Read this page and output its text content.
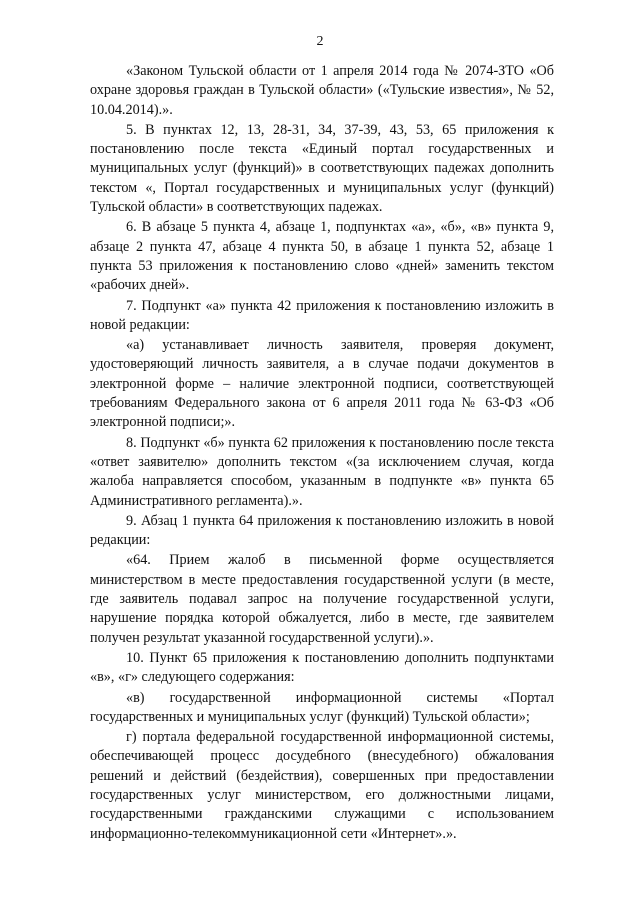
2

«Законом Тульской области от 1 апреля 2014 года № 2074-ЗТО «Об охране здоровья граждан в Тульской области» («Тульские известия», № 52, 10.04.2014).».

5. В пунктах 12, 13, 28-31, 34, 37-39, 43, 53, 65 приложения к постановлению после текста «Единый портал государственных и муниципальных услуг (функций)» в соответствующих падежах дополнить текстом «, Портал государственных и муниципальных услуг (функций) Тульской области» в соответствующих падежах.

6. В абзаце 5 пункта 4, абзаце 1, подпунктах «а», «б», «в» пункта 9, абзаце 2 пункта 47, абзаце 4 пункта 50, в абзаце 1 пункта 52, абзаце 1 пункта 53 приложения к постановлению слово «дней» заменить текстом «рабочих дней».

7. Подпункт «а» пункта 42 приложения к постановлению изложить в новой редакции:

«а) устанавливает личность заявителя, проверяя документ, удостоверяющий личность заявителя, а в случае подачи документов в электронной форме – наличие электронной подписи, соответствующей требованиям Федерального закона от 6 апреля 2011 года № 63-ФЗ «Об электронной подписи;».

8. Подпункт «б» пункта 62 приложения к постановлению после текста «ответ заявителю» дополнить текстом «(за исключением случая, когда жалоба направляется способом, указанным в подпункте «в» пункта 65 Административного регламента).».

9. Абзац 1 пункта 64 приложения к постановлению изложить в новой редакции:

«64. Прием жалоб в письменной форме осуществляется министерством в месте предоставления государственной услуги (в месте, где заявитель подавал запрос на получение государственной услуги, нарушение порядка которой обжалуется, либо в месте, где заявителем получен результат указанной государственной услуги).».

10. Пункт 65 приложения к постановлению дополнить подпунктами «в», «г» следующего содержания:

«в) государственной информационной системы «Портал государственных и муниципальных услуг (функций) Тульской области»;

г) портала федеральной государственной информационной системы, обеспечивающей процесс досудебного (внесудебного) обжалования решений и действий (бездействия), совершенных при предоставлении государственных услуг министерством, его должностными лицами, государственными гражданскими служащими с использованием информационно-телекоммуникационной сети «Интернет».».
